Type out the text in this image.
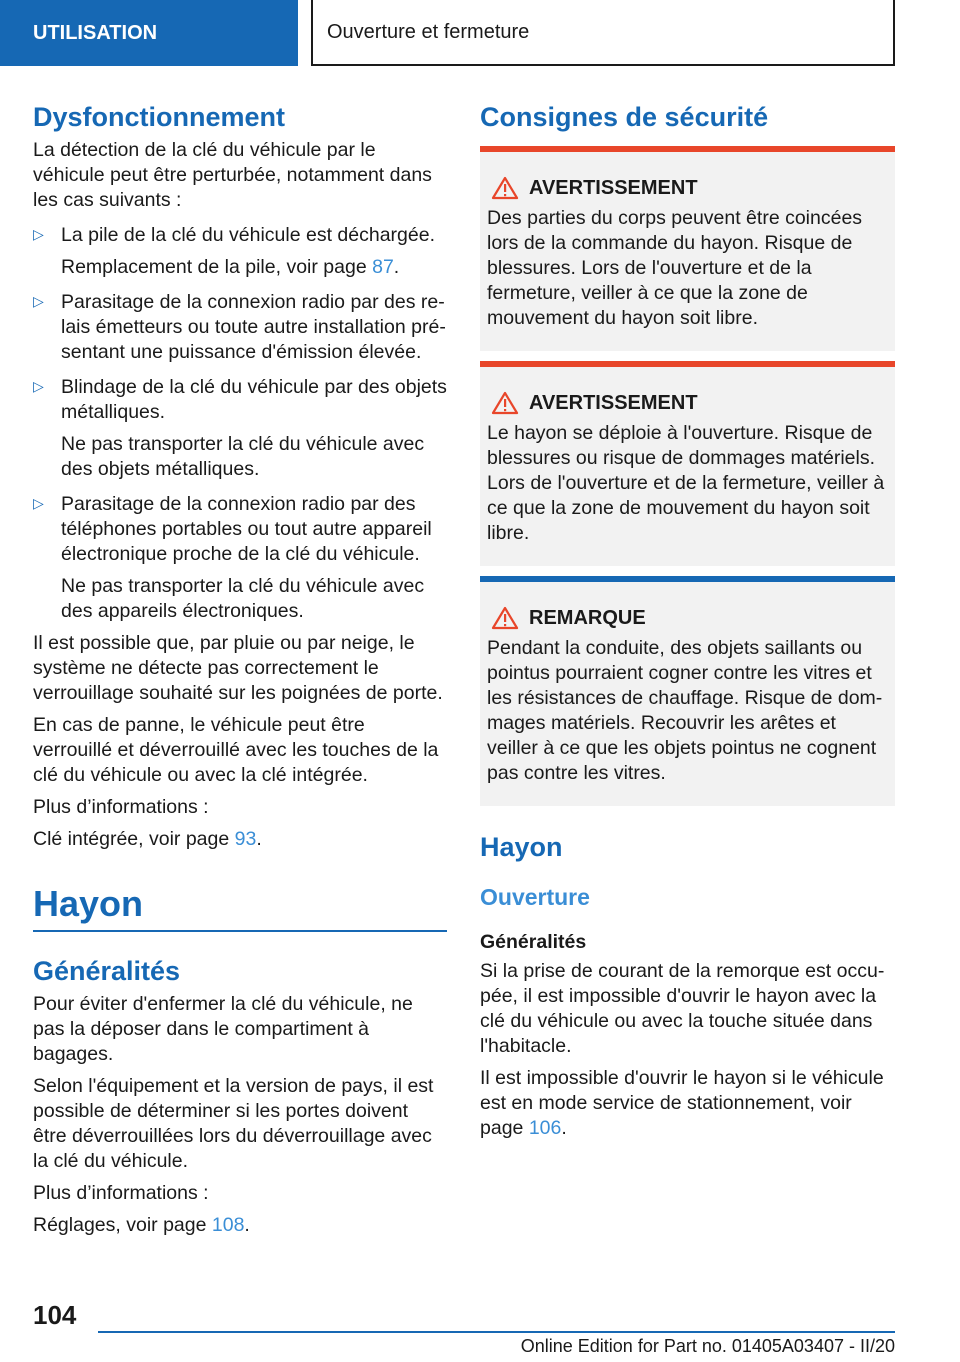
UTILISATION	Ouverture et fermeture
Dysfonctionnement

La détection de la clé du véhicule par le véhicule peut être perturbée, notamment dans les cas suivants :

▷ La pile de la clé du véhicule est déchargée.

Remplacement de la pile, voir page 87.

▷ Parasitage de la connexion radio par des relais émetteurs ou toute autre installation présentant une puissance d'émission élevée.

▷ Blindage de la clé du véhicule par des objets métalliques.

Ne pas transporter la clé du véhicule avec des objets métalliques.

▷ Parasitage de la connexion radio par des téléphones portables ou tout autre appareil électronique proche de la clé du véhicule.

Ne pas transporter la clé du véhicule avec des appareils électroniques.

Il est possible que, par pluie ou par neige, le système ne détecte pas correctement le verrouillage souhaité sur les poignées de porte.

En cas de panne, le véhicule peut être verrouillé et déverrouillé avec les touches de la clé du véhicule ou avec la clé intégrée.

Plus d’informations :

Clé intégrée, voir page 93.

Hayon
Généralités

Pour éviter d'enfermer la clé du véhicule, ne pas la déposer dans le compartiment à bagages.

Selon l'équipement et la version de pays, il est possible de déterminer si les portes doivent être déverrouillées lors du déverrouillage avec la clé du véhicule.

Plus d’informations :

Réglages, voir page 108.

Consignes de sécurité
AVERTISSEMENT

Des parties du corps peuvent être coincées lors de la commande du hayon. Risque de blessures. Lors de l'ouverture et de la fermeture, veiller à ce que la zone de mouvement du hayon soit libre.

AVERTISSEMENT

Le hayon se déploie à l'ouverture. Risque de blessures ou risque de dommages matériels. Lors de l'ouverture et de la fermeture, veiller à ce que la zone de mouvement du hayon soit libre.

REMARQUE

Pendant la conduite, des objets saillants ou pointus pourraient cogner contre les vitres et les résistances de chauffage. Risque de dommages matériels. Recouvrir les arêtes et veiller à ce que les objets pointus ne cognent pas contre les vitres.

Hayon
Ouverture
Généralités

Si la prise de courant de la remorque est occupée, il est impossible d'ouvrir le hayon avec la clé du véhicule ou avec la touche située dans l'habitacle.

Il est impossible d'ouvrir le hayon si le véhicule est en mode service de stationnement, voir page 106.

104
Online Edition for Part no. 01405A03407 - II/20
